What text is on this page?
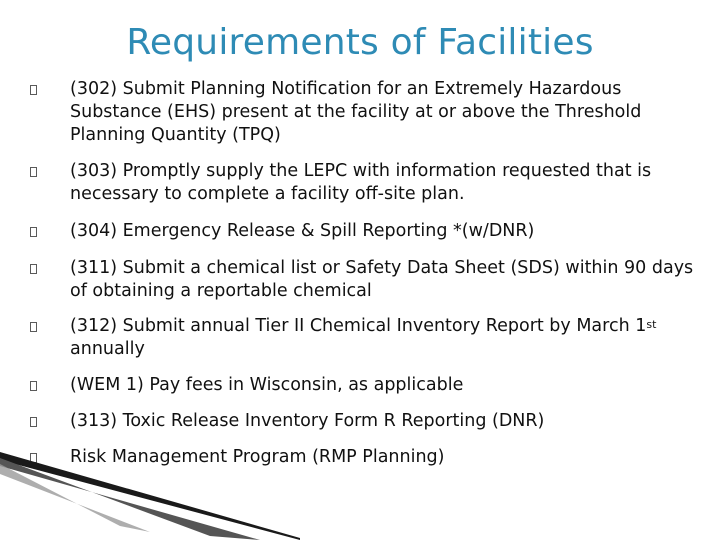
Requirements of Facilities
(302) Submit Planning Notification for an Extremely Hazardous Substance (EHS) present at the facility at or above the Threshold Planning Quantity (TPQ)
(303) Promptly supply the LEPC with information requested that is necessary to complete a facility off-site plan.
(304) Emergency Release & Spill Reporting *(w/DNR)
(311) Submit a chemical list or Safety Data Sheet (SDS) within 90 days of obtaining a reportable chemical
(312) Submit annual Tier II Chemical Inventory Report by March 1st annually
(WEM 1) Pay fees in Wisconsin, as applicable
(313) Toxic Release Inventory Form R Reporting (DNR)
Risk Management Program (RMP Planning)
